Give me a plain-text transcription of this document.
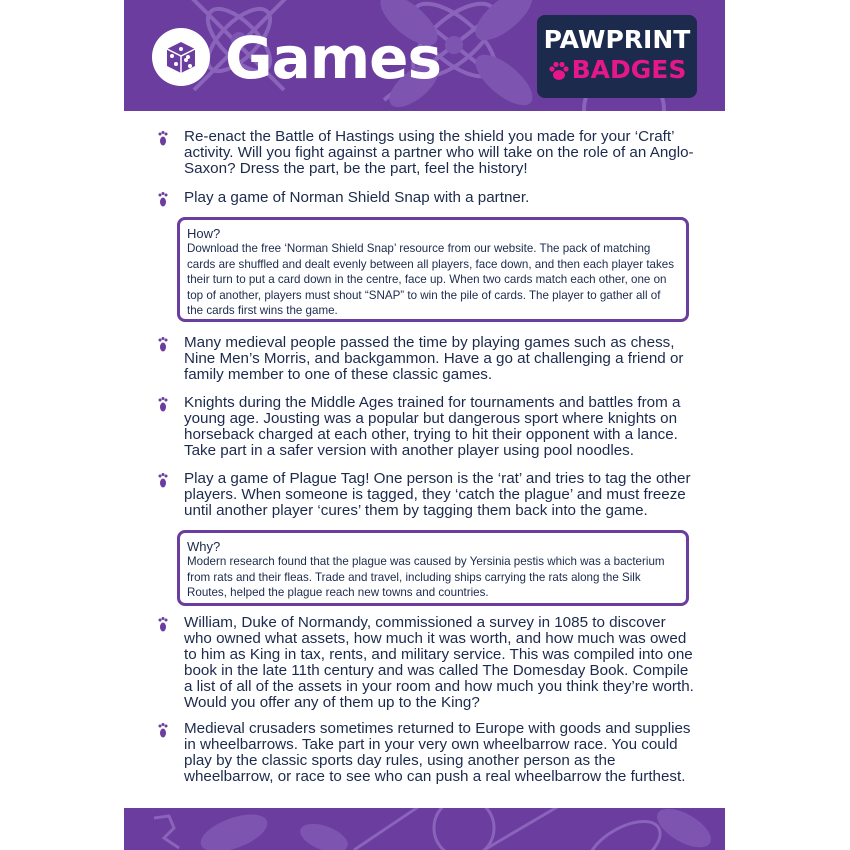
Games	PAWPRINT
BADGES
Re-enact the Battle of Hastings using the shield you made for your ‘Craft’ activity. Will you fight against a partner who will take on the role of an Anglo-Saxon? Dress the part, be the part, feel the history!
Play a game of Norman Shield Snap with a partner.
How?
Download the free ‘Norman Shield Snap’ resource from our website. The pack of matching cards are shuffled and dealt evenly between all players, face down, and then each player takes their turn to put a card down in the centre, face up. When two cards match each other, one on top of another, players must shout “SNAP” to win the pile of cards. The player to gather all of the cards first wins the game.
Many medieval people passed the time by playing games such as chess, Nine Men’s Morris, and backgammon. Have a go at challenging a friend or family member to one of these classic games.
Knights during the Middle Ages trained for tournaments and battles from a young age. Jousting was a popular but dangerous sport where knights on horseback charged at each other, trying to hit their opponent with a lance. Take part in a safer version with another player using pool noodles.
Play a game of Plague Tag! One person is the ‘rat’ and tries to tag the other players. When someone is tagged, they ‘catch the plague’ and must freeze until another player ‘cures’ them by tagging them back into the game.
Why?
Modern research found that the plague was caused by Yersinia pestis which was a bacterium from rats and their fleas. Trade and travel, including ships carrying the rats along the Silk Routes, helped the plague reach new towns and countries.
William, Duke of Normandy, commissioned a survey in 1085 to discover who owned what assets, how much it was worth, and how much was owed to him as King in tax, rents, and military service. This was compiled into one book in the late 11th century and was called The Domesday Book. Compile a list of all of the assets in your room and how much you think they’re worth. Would you offer any of them up to the King?
Medieval crusaders sometimes returned to Europe with goods and supplies in wheelbarrows. Take part in your very own wheelbarrow race. You could play by the classic sports day rules, using another person as the wheelbarrow, or race to see who can push a real wheelbarrow the furthest.
